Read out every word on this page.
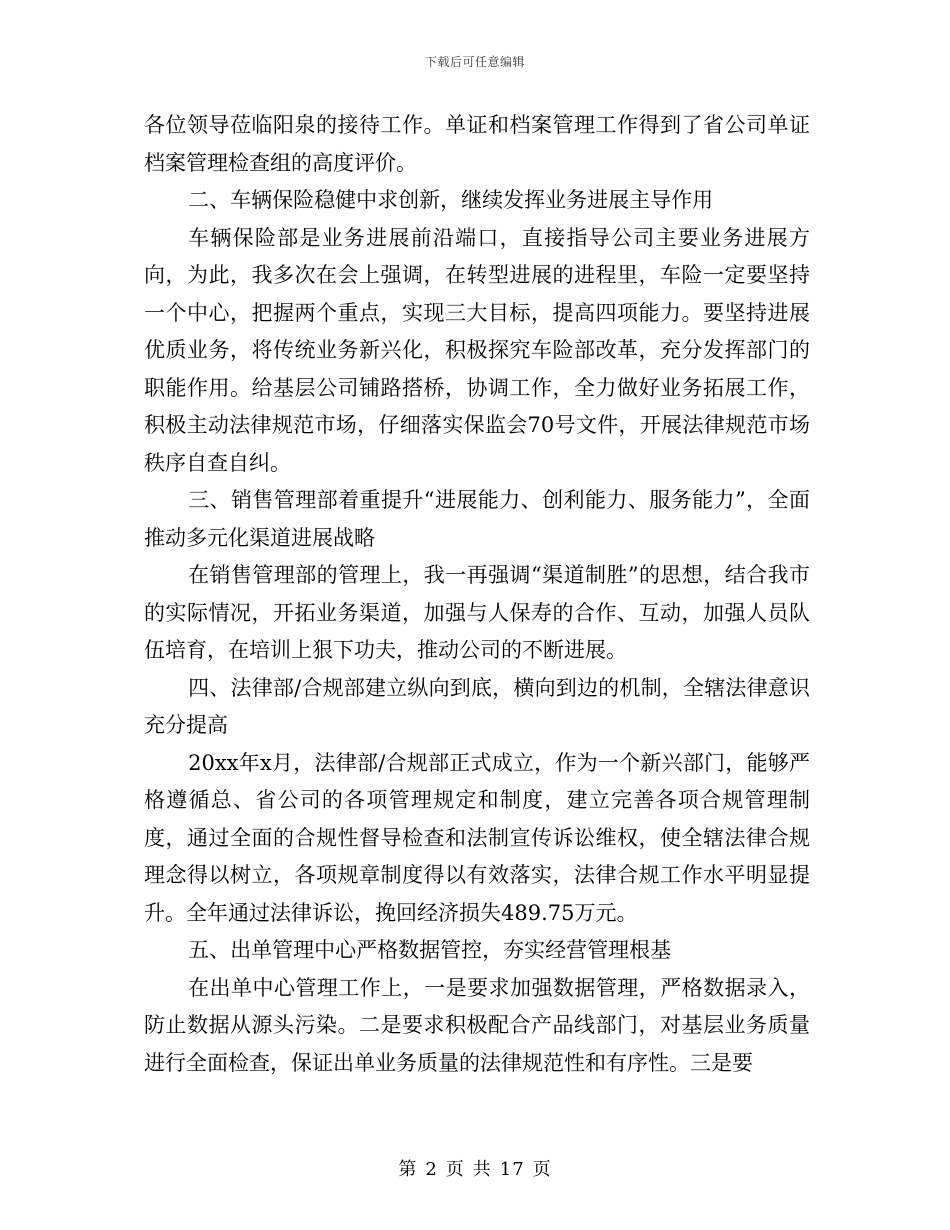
下载后可任意编辑

各位领导莅临阳泉的接待工作。单证和档案管理工作得到了省公司单证档案管理检查组的高度评价。

二、车辆保险稳健中求创新，继续发挥业务进展主导作用

车辆保险部是业务进展前沿端口，直接指导公司主要业务进展方向，为此，我多次在会上强调，在转型进展的进程里，车险一定要坚持一个中心，把握两个重点，实现三大目标，提高四项能力。要坚持进展优质业务，将传统业务新兴化，积极探究车险部改革，充分发挥部门的职能作用。给基层公司铺路搭桥，协调工作，全力做好业务拓展工作，积极主动法律规范市场，仔细落实保监会70号文件，开展法律规范市场秩序自查自纠。

三、销售管理部着重提升“进展能力、创利能力、服务能力”，全面推动多元化渠道进展战略

在销售管理部的管理上，我一再强调“渠道制胜”的思想，结合我市的实际情况，开拓业务渠道，加强与人保寿的合作、互动，加强人员队伍培育，在培训上狠下功夫，推动公司的不断进展。

四、法律部/合规部建立纵向到底，横向到边的机制，全辖法律意识充分提高

20xx年x月，法律部/合规部正式成立，作为一个新兴部门，能够严格遵循总、省公司的各项管理规定和制度，建立完善各项合规管理制度，通过全面的合规性督导检查和法制宣传诉讼维权，使全辖法律合规理念得以树立，各项规章制度得以有效落实，法律合规工作水平明显提升。全年通过法律诉讼，挽回经济损失489.75万元。

五、出单管理中心严格数据管控，夯实经营管理根基

在出单中心管理工作上，一是要求加强数据管理，严格数据录入，防止数据从源头污染。二是要求积极配合产品线部门，对基层业务质量进行全面检查，保证出单业务质量的法律规范性和有序性。三是要

第 2 页 共 17 页
